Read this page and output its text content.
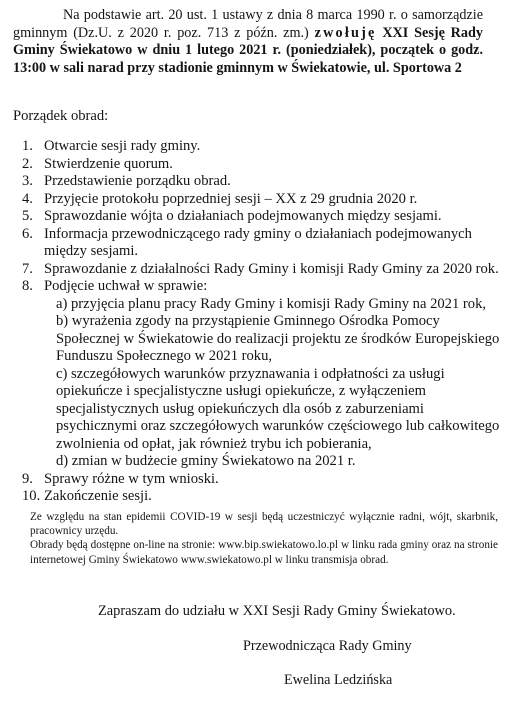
Na podstawie art. 20 ust. 1 ustawy z dnia 8 marca 1990 r. o samorządzie gminnym (Dz.U. z 2020 r. poz. 713 z późn. zm.) zwołuję XXI Sesję Rady Gminy Świekatowo w dniu 1 lutego 2021 r. (poniedziałek), początek o godz. 13:00 w sali narad przy stadionie gminnym w Świekatowie, ul. Sportowa 2
Porządek obrad:
1. Otwarcie sesji rady gminy.
2. Stwierdzenie quorum.
3. Przedstawienie porządku obrad.
4. Przyjęcie protokołu poprzedniej sesji – XX z 29 grudnia 2020 r.
5. Sprawozdanie wójta o działaniach podejmowanych między sesjami.
6. Informacja przewodniczącego rady gminy o działaniach podejmowanych między sesjami.
7. Sprawozdanie z działalności Rady Gminy i komisji Rady Gminy za 2020 rok.
8. Podjęcie uchwał w sprawie:
a) przyjęcia planu pracy Rady Gminy i komisji Rady Gminy na 2021 rok,
b) wyrażenia zgody na przystąpienie Gminnego Ośrodka Pomocy
Społecznej w Świekatowie do realizacji projektu ze środków Europejskiego Funduszu Społecznego w 2021 roku,
c) szczegółowych warunków przyznawania i odpłatności za usługi opiekuńcze i specjalistyczne usługi opiekuńcze, z wyłączeniem specjalistycznych usług opiekuńczych dla osób z zaburzeniami psychicznymi oraz szczegółowych warunków częściowego lub całkowitego zwolnienia od opłat, jak również trybu ich pobierania,
d) zmian w budżecie gminy Świekatowo na 2021 r.
9. Sprawy różne w tym wnioski.
10. Zakończenie sesji.
Ze względu na stan epidemii COVID-19 w sesji będą uczestniczyć wyłącznie radni, wójt, skarbnik, pracownicy urzędu.
Obrady będą dostępne on-line na stronie: www.bip.swiekatowo.lo.pl w linku rada gminy oraz na stronie internetowej Gminy Świekatowo www.swiekatowo.pl w linku transmisja obrad.
Zapraszam do udziału w XXI Sesji Rady Gminy Świekatowo.
Przewodnicząca Rady Gminy
Ewelina Ledzińska
